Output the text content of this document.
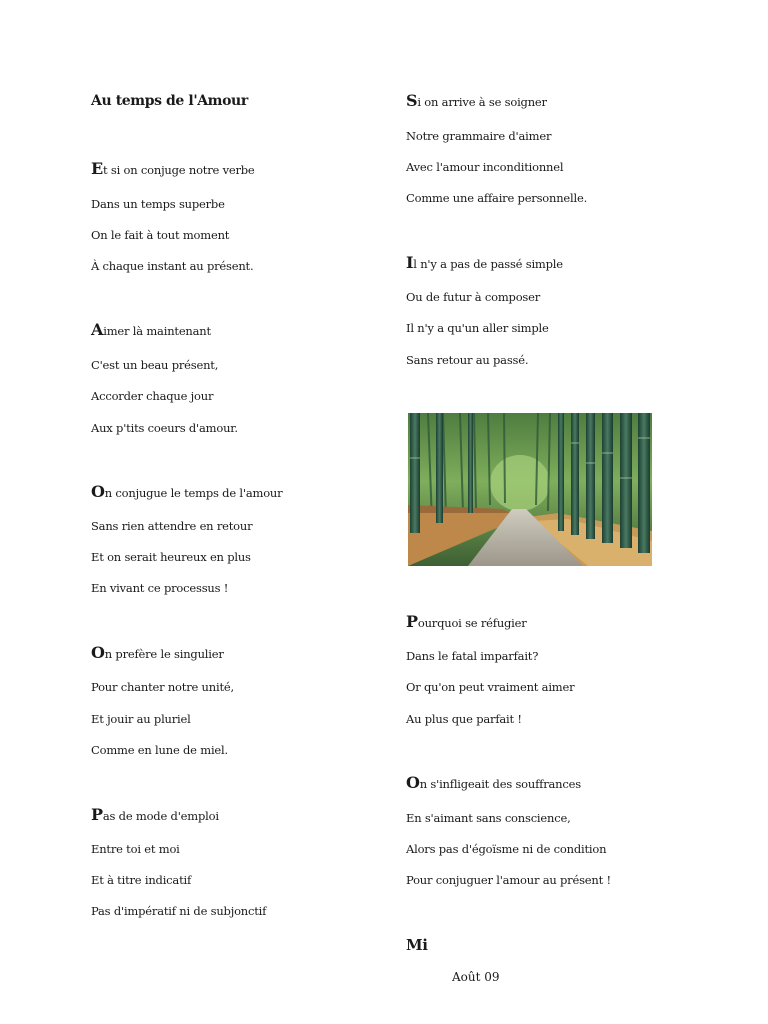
Au temps de l'Amour
Et si on conjuge notre verbe
Dans un temps superbe
On le fait à tout moment
À chaque instant au présent.
Aimer là maintenant
C'est un beau présent,
Accorder chaque jour
Aux p'tits coeurs d'amour.
On conjugue le temps de l'amour
Sans rien attendre en retour
Et on serait heureux en plus
En vivant ce processus !
On prefère le singulier
Pour chanter notre unité,
Et jouir au pluriel
Comme en lune de miel.
Pas de mode d'emploi
Entre toi et moi
Et à titre indicatif
Pas d'impératif ni de subjonctif
Si on arrive à se soigner
Notre grammaire d'aimer
Avec l'amour inconditionnel
Comme une affaire personnelle.
Il n'y a pas de passé simple
Ou de futur à composer
Il n'y a qu'un aller simple
Sans retour au passé.
Pourquoi se réfugier
Dans le fatal imparfait?
Or qu'on peut vraiment aimer
Au plus que parfait !
On s'infligeait des souffrances
En s'aimant sans conscience,
Alors pas d'égoïsme ni de condition
Pour conjuguer l'amour au présent !
Mi
Août 09
